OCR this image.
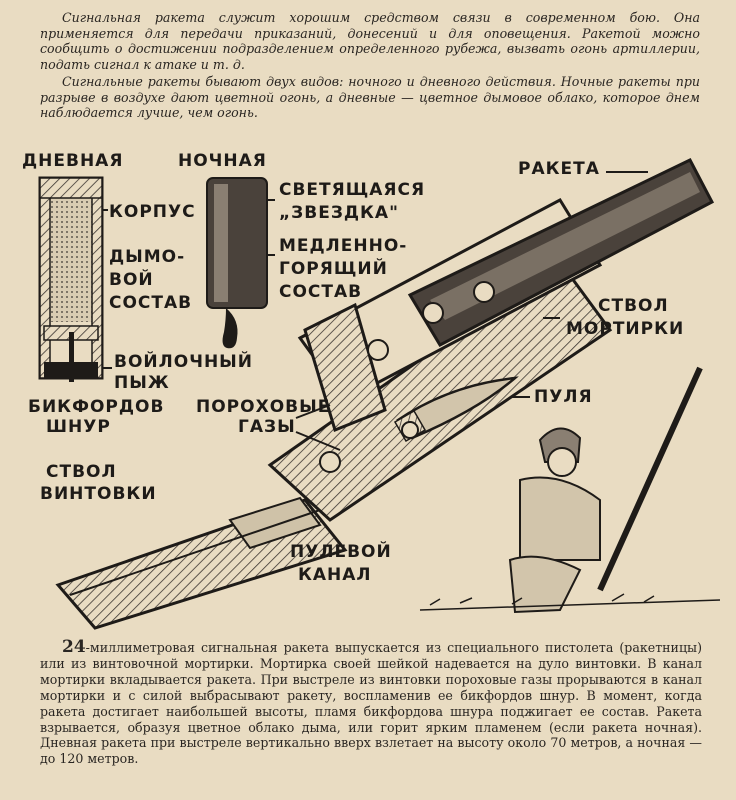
Сигнальная ракета служит хорошим средством связи в современном бою. Она применяется для передачи приказаний, донесений и для оповещения. Ракетой можно сообщить о достижении подразделением определенного рубежа, вызвать огонь артиллерии, подать сигнал к атаке и т. д.

Сигнальные ракеты бывают двух видов: ночного и дневного действия. Ночные ракеты при разрыве в воздухе дают цветной огонь, а дневные — цветное дымовое облако, которое днем наблюдается лучше, чем огонь.

ДНЕВНАЯ	НОЧНАЯ

КОРПУС

ДЫМО-

ВОЙ

СОСТАВ

СВЕТЯЩАЯСЯ

„ЗВЕЗДКА"

МЕДЛЕННО-

ГОРЯЩИЙ

СОСТАВ

ВОЙЛОЧНЫЙ

ПЫЖ

БИКФОРДОВ

ШНУР

ПОРОХОВЫЕ

ГАЗЫ

РАКЕТА

СТВОЛ

МОРТИРКИ

ПУЛЯ

СТВОЛ

ВИНТОВКИ

ПУЛЕВОЙ

КАНАЛ

24-миллиметровая сигнальная ракета выпускается из специального пистолета (ракетницы) или из винтовочной мортирки. Мортирка своей шейкой надевается на дуло винтовки. В канал мортирки вкладывается ракета. При выстреле из винтовки пороховые газы прорываются в канал мортирки и с силой выбрасывают ракету, воспламенив ее бикфордов шнур. В момент, когда ракета достигает наибольшей высоты, пламя бикфордова шнура поджигает ее состав. Ракета взрывается, образуя цветное облако дыма, или горит ярким пламенем (если ракета ночная). Дневная ракета при выстреле вертикально вверх взлетает на высоту около 70 метров, а ночная — до 120 метров.
